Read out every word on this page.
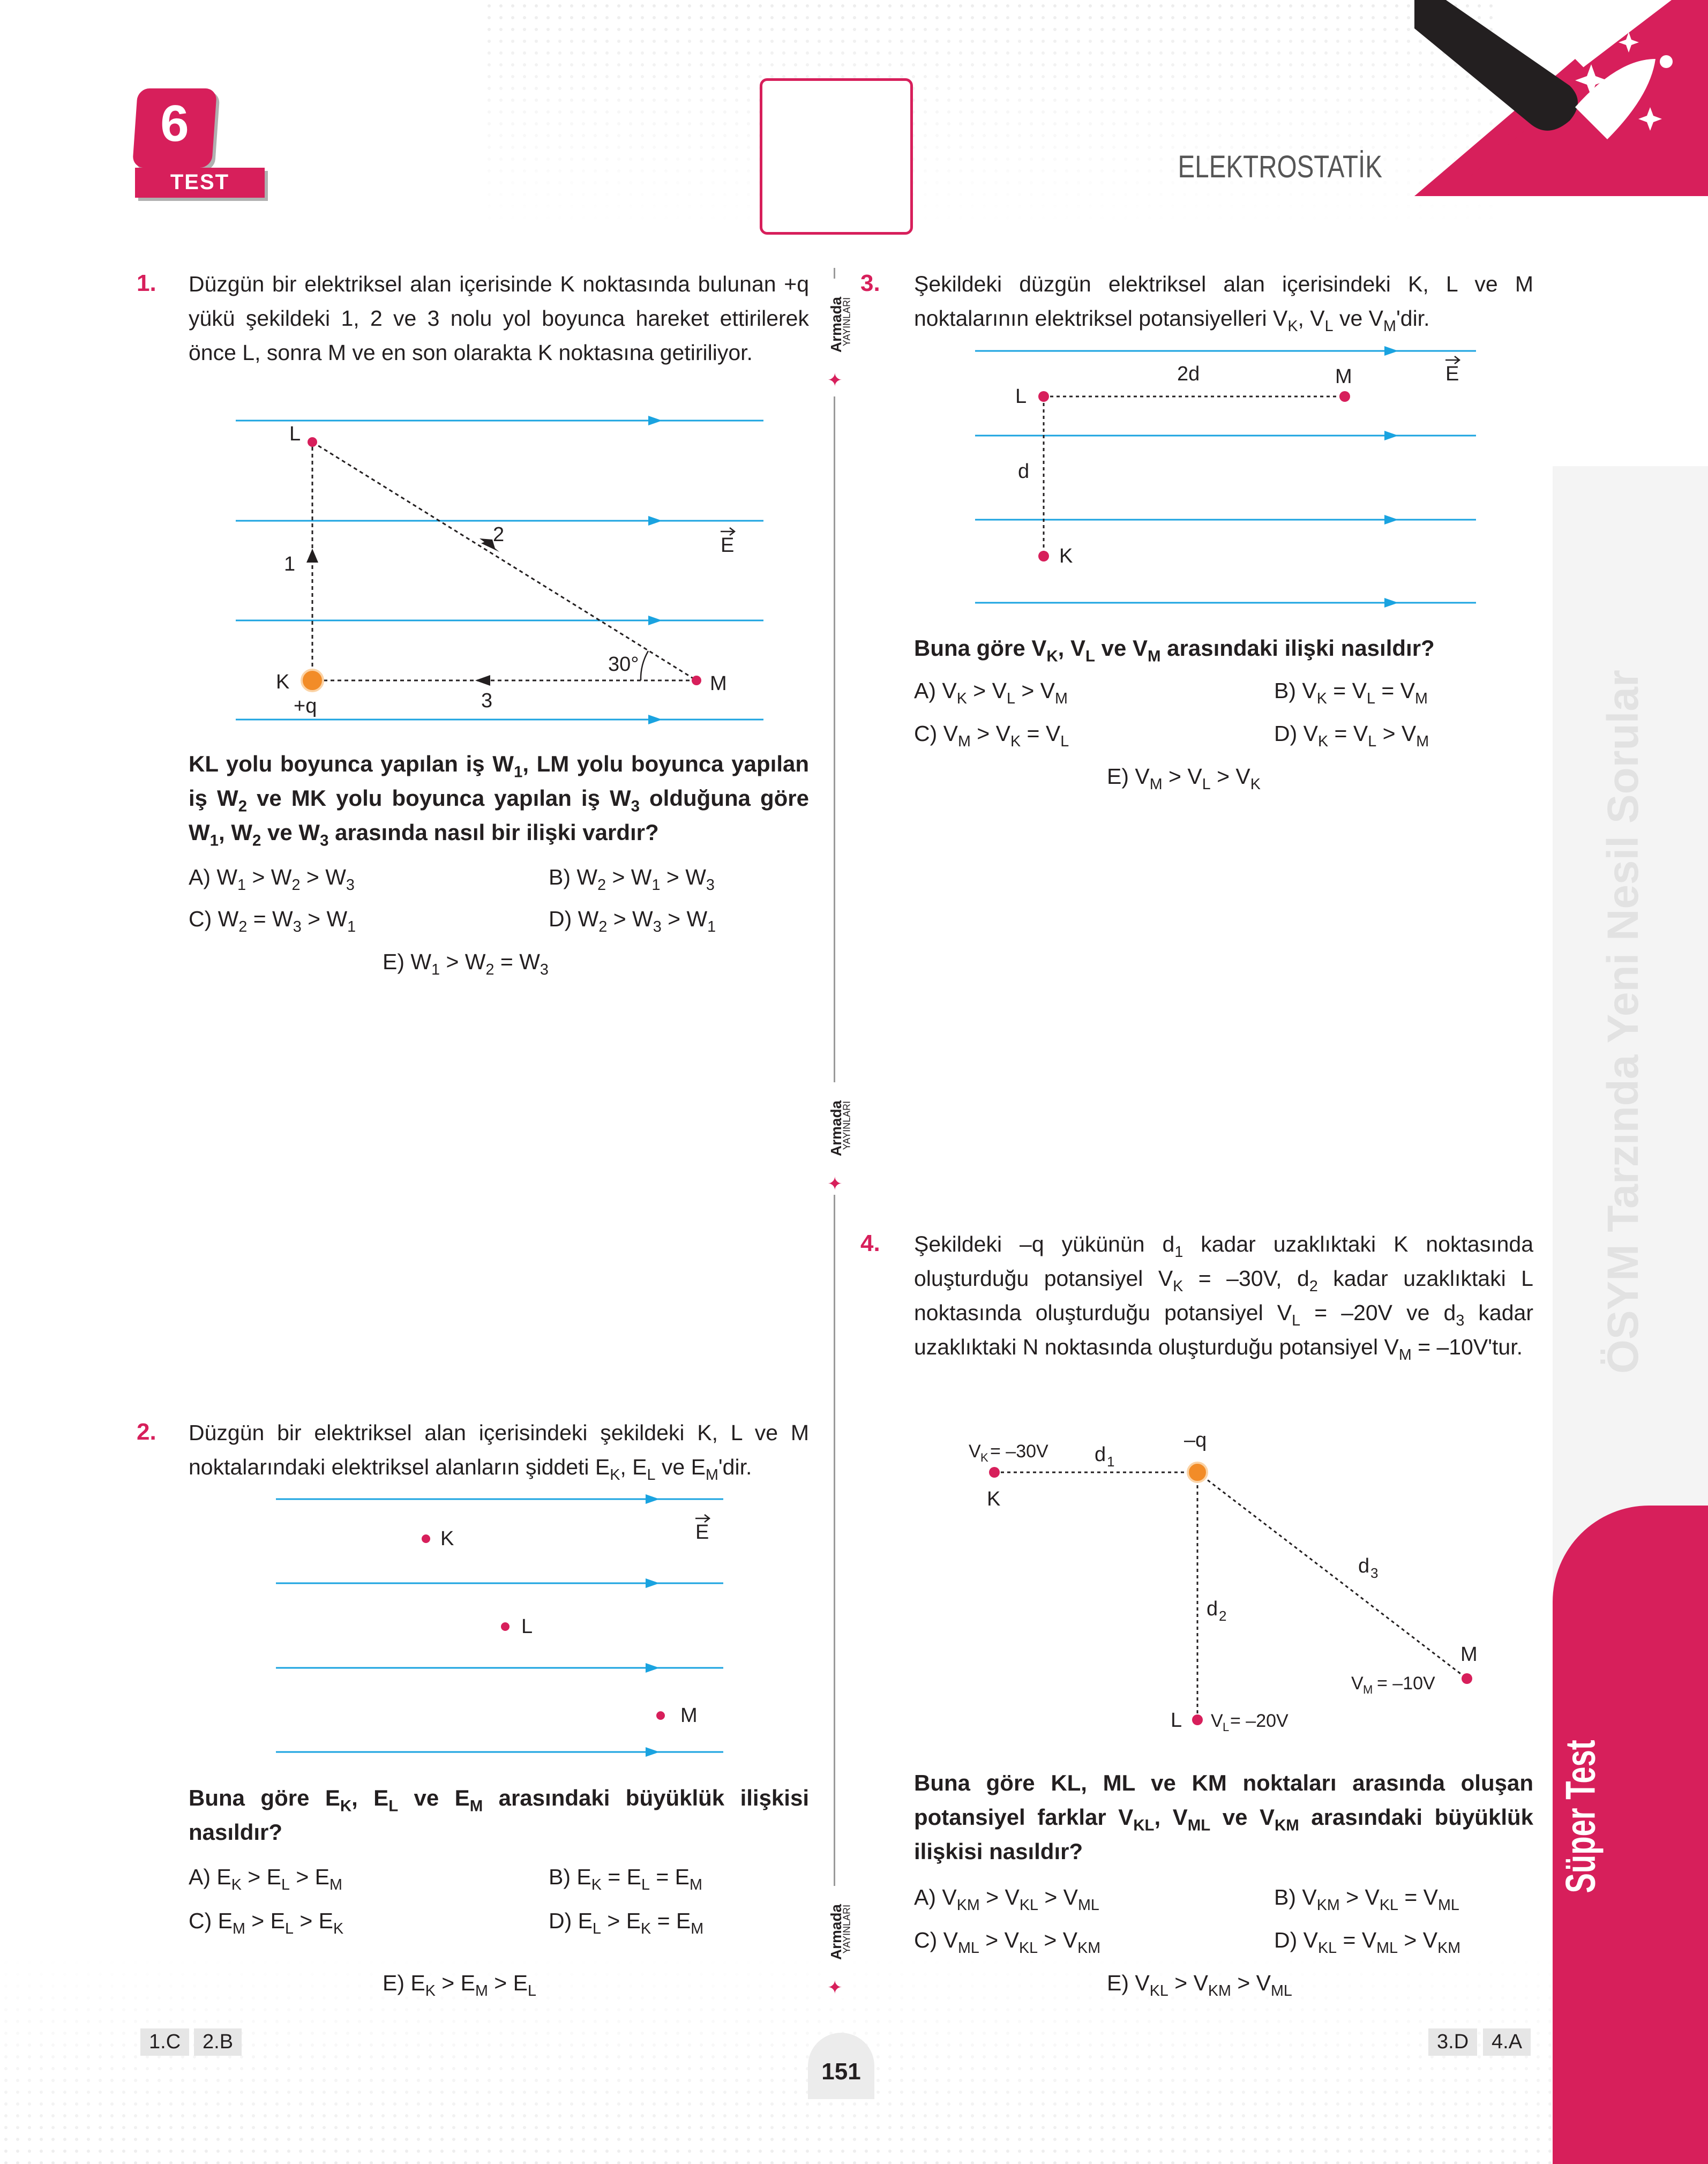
6
TEST	ELEKTROSTATİK
ÖSYM Tarzında Yeni Nesil Sorular
Süper Test
Armada
YAYINLARI
✦
Armada
YAYINLARI
✦
Armada
YAYINLARI
✦
1. Düzgün bir elektriksel alan içerisinde K noktasında bulunan +q yükü şekildeki 1, 2 ve 3 nolu yol boyunca hareket ettirilerek önce L, sonra M ve en son olarakta K noktasına getiriliyor.
L
K	M
+q
1
2
3
30°
E
KL yolu boyunca yapılan iş $W_1$, LM yolu boyunca yapılan iş $W_2$ ve MK yolu boyunca yapılan iş $W_3$ olduğuna göre $W_1$, $W_2$ ve $W_3$ arasında nasıl bir ilişki vardır?
A) $W_1 > W_2 > W_3$	B) $W_2 > W_1 > W_3$
C) $W_2 = W_3 > W_1$	D) $W_2 > W_3 > W_1$
E) $W_1 > W_2 = W_3$
2. Düzgün bir elektriksel alan içerisindeki şekildeki K, L ve M noktalarındaki elektriksel alanların şiddeti $E_K$, $E_L$ ve $E_M'dir$.
K
L
M
E
Buna göre $E_K$, $E_L$ ve $E_M$ arasındaki büyüklük ilişkisi nasıldır?
A) $E_K > E_L > E_M$	B) $E_K = E_L = E_M$
C) $E_M > E_L > E_K$	D) $E_L > E_K = E_M$
E) $E_K > E_M > E_L$
3. Şekildeki düzgün elektriksel alan içerisindeki K, L ve M noktalarının elektriksel potansiyelleri $V_K$, $V_L$ ve $V_M'dir$.
L
M
K
2d
d
E
Buna göre $V_K$, $V_L$ ve $V_M$ arasındaki ilişki nasıldır?
A) $V_K > V_L > V_M$	B) $V_K = V_L = V_M$
C) $V_M > V_K = V_L$	D) $V_K = V_L > V_M$
E) $V_M > V_L > V_K$
4. Şekildeki –q yükünün $d_1$ kadar uzaklıktaki K noktasında oluşturduğu potansiyel $V_K = -30V$, $d_2$ kadar uzaklıktaki L noktasında oluşturduğu potansiyel $V_L = -20V$ ve $d_3$ kadar uzaklıktaki N noktasında oluşturduğu potansiyel $V_M = -10V'tur$.
–q
K
L
M
d 1
d 2
d 3
V K = –30V
V L = –20V
V M = –10V
Buna göre KL, ML ve KM noktaları arasında oluşan potansiyel farklar $V_{KL}$, $V_{ML}$ ve $V_{KM}$ arasındaki büyüklük ilişkisi nasıldır?
A) $V_{KM} > V_{KL} > V_{ML}$	B) $V_{KM} > V_{KL} = V_{ML}$
C) $V_{ML} > V_{KL} > V_{KM}$	D) $V_{KL} = V_{ML} > V_{KM}$
E) $V_{KL} > V_{KM} > V_{ML}$
1.C	2.B	3.D	4.A
151
